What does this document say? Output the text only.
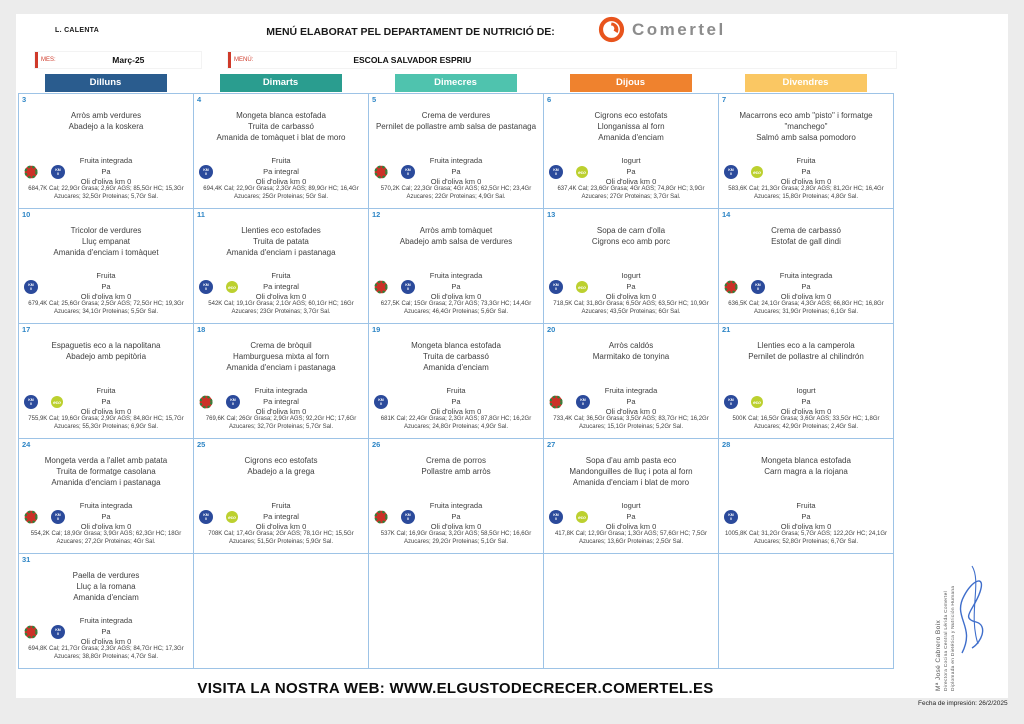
L. CALENTA	MENÚ ELABORAT PEL DEPARTAMENT DE NUTRICIÓ DE:	Comertel
MES:	Març-25	MENÚ:	ESCOLA SALVADOR ESPRIU
Dilluns	Dimarts	Dimecres	Dijous	Divendres
3
Arròs amb verdures
Abadejo a la koskera
Fruita integrada
Pa
Oli d'oliva km 0
KM
0
684,7K Cal; 22,9Gr Grasa; 2,6Gr AGS; 85,5Gr HC; 15,3Gr Azucares; 32,5Gr Proteinas; 5,7Gr Sal.
4
Mongeta blanca estofada
Truita de carbassó
Amanida de tomàquet i blat de moro
Fruita
Pa integral
Oli d'oliva km 0
KM
0
694,4K Cal; 22,9Gr Grasa; 2,3Gr AGS; 89,9Gr HC; 16,4Gr Azucares; 25Gr Proteinas; 5Gr Sal.
5
Crema de verdures
Pernilet de pollastre amb salsa de pastanaga
Fruita integrada
Pa
Oli d'oliva km 0
KM
0
570,2K Cal; 22,3Gr Grasa; 4Gr AGS; 62,5Gr HC; 23,4Gr Azucares; 22Gr Proteinas; 4,9Gr Sal.
6
Cigrons eco estofats
Llonganissa al forn
Amanida d'enciam
Iogurt
Pa
Oli d'oliva km 0
KM
0	eco
637,4K Cal; 23,6Gr Grasa; 4Gr AGS; 74,8Gr HC; 3,9Gr Azucares; 27Gr Proteinas; 3,7Gr Sal.
7
Macarrons eco amb "pisto" i formatge "manchego"
Salmó amb salsa pomodoro
Fruita
Pa
Oli d'oliva km 0
KM
0	eco
583,6K Cal; 21,3Gr Grasa; 2,8Gr AGS; 81,2Gr HC; 16,4Gr Azucares; 15,8Gr Proteinas; 4,8Gr Sal.
10
Tricolor de verdures
Lluç empanat
Amanida d'enciam i tomàquet
Fruita
Pa
Oli d'oliva km 0
KM
0
679,4K Cal; 25,6Gr Grasa; 2,5Gr AGS; 72,5Gr HC; 19,3Gr Azucares; 34,1Gr Proteinas; 5,5Gr Sal.
11
Llenties eco estofades
Truita de patata
Amanida d'enciam i pastanaga
Fruita
Pa integral
Oli d'oliva km 0
KM
0	eco
542K Cal; 19,1Gr Grasa; 2,1Gr AGS; 60,1Gr HC; 16Gr Azucares; 23Gr Proteinas; 3,7Gr Sal.
12
Arròs amb tomàquet
Abadejo amb salsa de verdures
Fruita integrada
Pa
Oli d'oliva km 0
KM
0
627,5K Cal; 15Gr Grasa; 2,7Gr AGS; 73,3Gr HC; 14,4Gr Azucares; 46,4Gr Proteinas; 5,6Gr Sal.
13
Sopa de carn d'olla
Cigrons eco amb porc
Iogurt
Pa
Oli d'oliva km 0
KM
0	eco
718,5K Cal; 31,8Gr Grasa; 6,5Gr AGS; 63,5Gr HC; 10,9Gr Azucares; 43,5Gr Proteinas; 6Gr Sal.
14
Crema de carbassó
Estofat de gall dindi
Fruita integrada
Pa
Oli d'oliva km 0
KM
0
636,5K Cal; 24,1Gr Grasa; 4,3Gr AGS; 66,8Gr HC; 16,8Gr Azucares; 31,9Gr Proteinas; 6,1Gr Sal.
17
Espaguetis eco a la napolitana
Abadejo amb pepitòria
Fruita
Pa
Oli d'oliva km 0
KM
0	eco
755,9K Cal; 19,6Gr Grasa; 2,9Gr AGS; 84,8Gr HC; 15,7Gr Azucares; 55,3Gr Proteinas; 6,9Gr Sal.
18
Crema de bròquil
Hamburguesa mixta al forn
Amanida d'enciam i pastanaga
Fruita integrada
Pa integral
Oli d'oliva km 0
KM
0
769,6K Cal; 26Gr Grasa; 2,9Gr AGS; 92,2Gr HC; 17,6Gr Azucares; 32,7Gr Proteinas; 5,7Gr Sal.
19
Mongeta blanca estofada
Truita de carbassó
Amanida d'enciam
Fruita
Pa
Oli d'oliva km 0
KM
0
681K Cal; 22,4Gr Grasa; 2,3Gr AGS; 87,8Gr HC; 16,2Gr Azucares; 24,8Gr Proteinas; 4,9Gr Sal.
20
Arròs caldós
Marmitako de tonyina
Fruita integrada
Pa
Oli d'oliva km 0
KM
0
733,4K Cal; 36,5Gr Grasa; 3,5Gr AGS; 83,7Gr HC; 16,2Gr Azucares; 15,1Gr Proteinas; 5,2Gr Sal.
21
Llenties eco a la camperola
Pernilet de pollastre al chilindrón
Iogurt
Pa
Oli d'oliva km 0
KM
0	eco
500K Cal; 16,5Gr Grasa; 3,6Gr AGS; 33,5Gr HC; 1,8Gr Azucares; 42,9Gr Proteinas; 2,4Gr Sal.
24
Mongeta verda a l'allet amb patata
Truita de formatge casolana
Amanida d'enciam i pastanaga
Fruita integrada
Pa
Oli d'oliva km 0
KM
0
554,2K Cal; 18,9Gr Grasa; 3,9Gr AGS; 62,3Gr HC; 18Gr Azucares; 27,2Gr Proteinas; 4Gr Sal.
25
Cigrons eco estofats
Abadejo a la grega
Fruita
Pa integral
Oli d'oliva km 0
KM
0	eco
708K Cal; 17,4Gr Grasa; 2Gr AGS; 78,1Gr HC; 15,5Gr Azucares; 51,5Gr Proteinas; 5,9Gr Sal.
26
Crema de porros
Pollastre amb arròs
Fruita integrada
Pa
Oli d'oliva km 0
KM
0
537K Cal; 16,9Gr Grasa; 3,2Gr AGS; 58,5Gr HC; 16,6Gr Azucares; 29,2Gr Proteinas; 5,1Gr Sal.
27
Sopa d'au amb pasta eco
Mandonguilles de lluç i pota al forn
Amanida d'enciam i blat de moro
Iogurt
Pa
Oli d'oliva km 0
KM
0	eco
417,8K Cal; 12,9Gr Grasa; 1,3Gr AGS; 57,6Gr HC; 7,5Gr Azucares; 13,6Gr Proteinas; 2,5Gr Sal.
28
Mongeta blanca estofada
Carn magra a la riojana
Fruita
Pa
Oli d'oliva km 0
KM
0
1005,8K Cal; 31,2Gr Grasa; 5,7Gr AGS; 122,2Gr HC; 24,1Gr Azucares; 52,8Gr Proteinas; 6,7Gr Sal.
31
Paella de verdures
Lluç a la romana
Amanida d'enciam
Fruita integrada
Pa
Oli d'oliva km 0
KM
0
694,8K Cal; 21,7Gr Grasa; 2,3Gr AGS; 84,7Gr HC; 17,3Gr Azucares; 38,8Gr Proteinas; 4,7Gr Sal.
VISITA LA NOSTRA WEB: WWW.ELGUSTODECRECER.COMERTEL.ES
Fecha de impresión: 26/2/2025
Mª José Cabrero Boix Directora Cocina Central Lérida Comertel Diplomada en Dietética y Nutrición Humana
